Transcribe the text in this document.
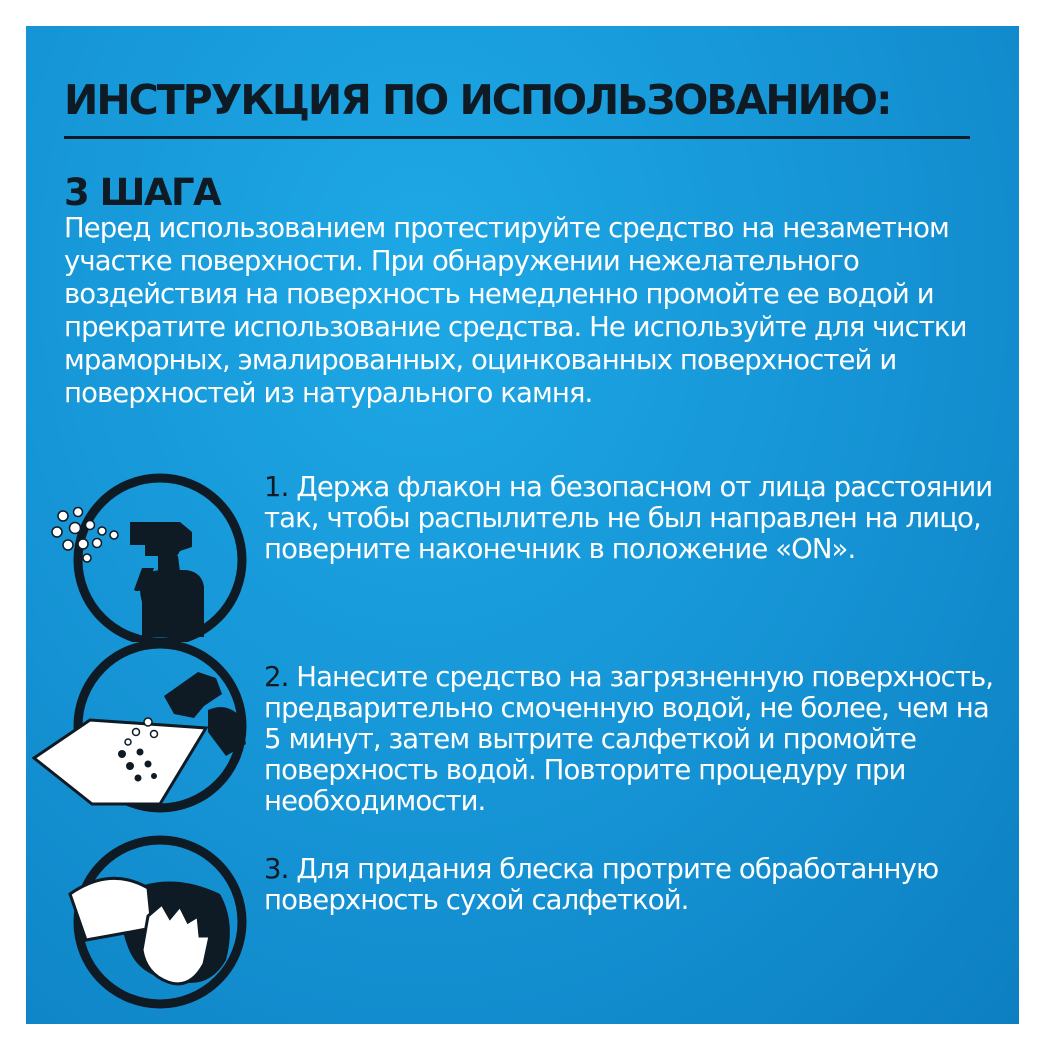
ИНСТРУКЦИЯ ПО ИСПОЛЬЗОВАНИЮ:
3 ШАГА

Перед использованием протестируйте средство на незаметном участке поверхности. При обнаружении нежелательного воздействия на поверхность немедленно промойте ее водой и прекратите использование средства. Не используйте для чистки мраморных, эмалированных, оцинкованных поверхностей и поверхностей из натурального камня.

1. Держа флакон на безопасном от лица расстоянии так, чтобы распылитель не был направлен на лицо, поверните наконечник в положение «ON».

2. Нанесите средство на загрязненную поверхность, предварительно смоченную водой, не более, чем на 5 минут, затем вытрите салфеткой и промойте поверхность водой. Повторите процедуру при необходимости.

3. Для придания блеска протрите обработанную поверхность сухой салфеткой.
